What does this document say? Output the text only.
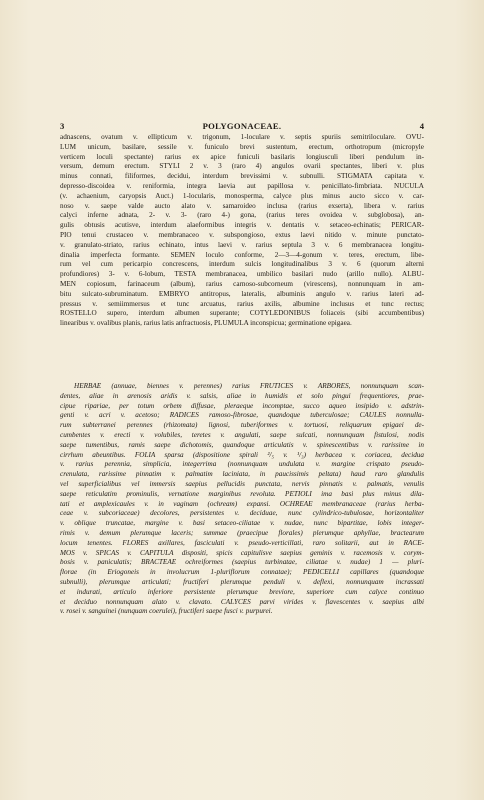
3	POLYGONACEAE.	4
adnascens, ovatum v. ellipticum v. trigonum, 1-loculare v. septis spuriis semitriloculare. OVU-
LUM unicum, basilare, sessile v. funiculo brevi sustentum, erectum, orthotropum (micropyle
verticem loculi spectante) rarius ex apice funiculi basilaris longiusculi liberi pendulum in-
versum, demum erectum. STYLI 2 v. 3 (raro 4) angulos ovarii spectantes, liberi v. plus
minus connati, filiformes, decidui, interdum brevissimi v. subnulli. STIGMATA capitata v.
depresso-discoidea v. reniformia, integra laevia aut papillosa v. penicillato-fimbriata. NUCULA
(v. achaenium, caryopsis Auct.) 1-locularis, monosperma, calyce plus minus aucto sicco v. car-
noso v. saepe valde aucto alato v. samaroideo inclusa (rarius exserta), libera v. rarius
calyci inferne adnata, 2- v. 3- (raro 4-) gona, (rarius teres ovoidea v. subglobosa), an-
gulis obtusis acutisve, interdum alaeformibus integris v. dentatis v. setaceo-echinatis; PERICAR-
PIO tenui crustaceo v. membranaceo v. subspongioso, extus laevi nitido v. minute punctato-
v. granulato-striato, rarius echinato, intus laevi v. rarius septula 3 v. 6 membranacea longitu-
dinalia imperfecta formante. SEMEN loculo conforme, 2—3—4-gonum v. teres, erectum, libe-
rum vel cum pericarpio concrescens, interdum sulcis longitudinalibus 3 v. 6 (quorum alterni
profundiores) 3- v. 6-lobum, TESTA membranacea, umbilico basilari nudo (arillo nullo). ALBU-
MEN copiosum, farinaceum (album), rarius carnoso-subcorneum (virescens), nonnunquam in am-
bitu sulcato-subruminatum. EMBRYO antitropus, lateralis, albuminis angulo v. rarius lateri ad-
pressus v. semiimmersus et tunc arcuatus, rarius axilis, albumine inclusus et tunc rectus;
ROSTELLO supero, interdum albumen superante; COTYLEDONIBUS foliaceis (sibi accumbentibus)
linearibus v. ovalibus planis, rarius latis anfractuosis, PLUMULA inconspicua; germinatione epigaea.
HERBAE (annuae, biennes v. perennes) rarius FRUTICES v. ARBORES, nonnunquam scan-
dentes, aliae in arenosis aridis v. salsis, aliae in humidis et solo pingui frequentiores, prae-
cipue ripariae, per totum orbem diffusae, pleraeque incomptae, succo aqueo insipido v. adstrin-
genti v. acri v. acetoso; RADICES ramoso-fibrosae, quandoque tuberculosae; CAULES nonnulla-
rum subterranei perennes (rhizomata) lignosi, tuberiformes v. tortuosi, reliquarum epigaei de-
cumbentes v. erecti v. volubiles, teretes v. angulati, saepe sulcati, nonnunquam fistulosi, nodis
saepe tumentibus, ramis saepe dichotomis, quandoque articulatis v. spinescentibus v. rarissime in
cirrhum abeuntibus. FOLIA sparsa (dispositione spirali ²/₅ v. ¹/₃) herbacea v. coriacea, decidua
v. rarius perennia, simplicia, integerrima (nonnunquam undulata v. margine crispato pseudo-
crenulata, rarissime pinnatim v. palmatim laciniata, in paucissimis peltata) haud raro glandulis
vel superficialibus vel immersis saepius pellucidis punctata, nervis pinnatis v. palmatis, venulis
saepe reticulatim prominulis, vernatione marginibus revoluta. PETIOLI ima basi plus minus dila-
tati et amplexicaules v. in vaginam (ochream) expansi. OCHREAE membranaceae (rarius herba-
ceae v. subcoriaceae) decolores, persistentes v. deciduae, nunc cylindrico-tubulosae, horizontaliter
v. oblique truncatae, margine v. basi setaceo-ciliatae v. nudae, nunc bipartitae, lobis integer-
rimis v. demum plerumque laceris; summae (praecipue florales) plerumque aphyllae, bractearum
locum tenentes. FLORES axillares, fasciculati v. pseudo-verticillati, raro solitarii, aut in RACE-
MOS v. SPICAS v. CAPITULA dispositi, spicis capitulisve saepius geminis v. racemosis v. corym-
bosis v. paniculatis; BRACTEAE ochreiformes (saepius turbinatae, ciliatae v. nudae) 1 — pluri-
florae (in Eriogoneis in involucrum 1-pluriflorum connatae); PEDICELLI capillares (quandoque
subnulli), plerumque articulati; fructiferi plerumque penduli v. deflexi, nonnunquam incrassati
et indurati, articulo inferiore persistente plerumque breviore, superiore cum calyce continuo
et deciduo nonnunquam alato v. clavato. CALYCES parvi virides v. flavescentes v. saepius albi
v. rosei v. sanguinei (nunquam coerulei), fructiferi saepe fusci v. purpurei.
